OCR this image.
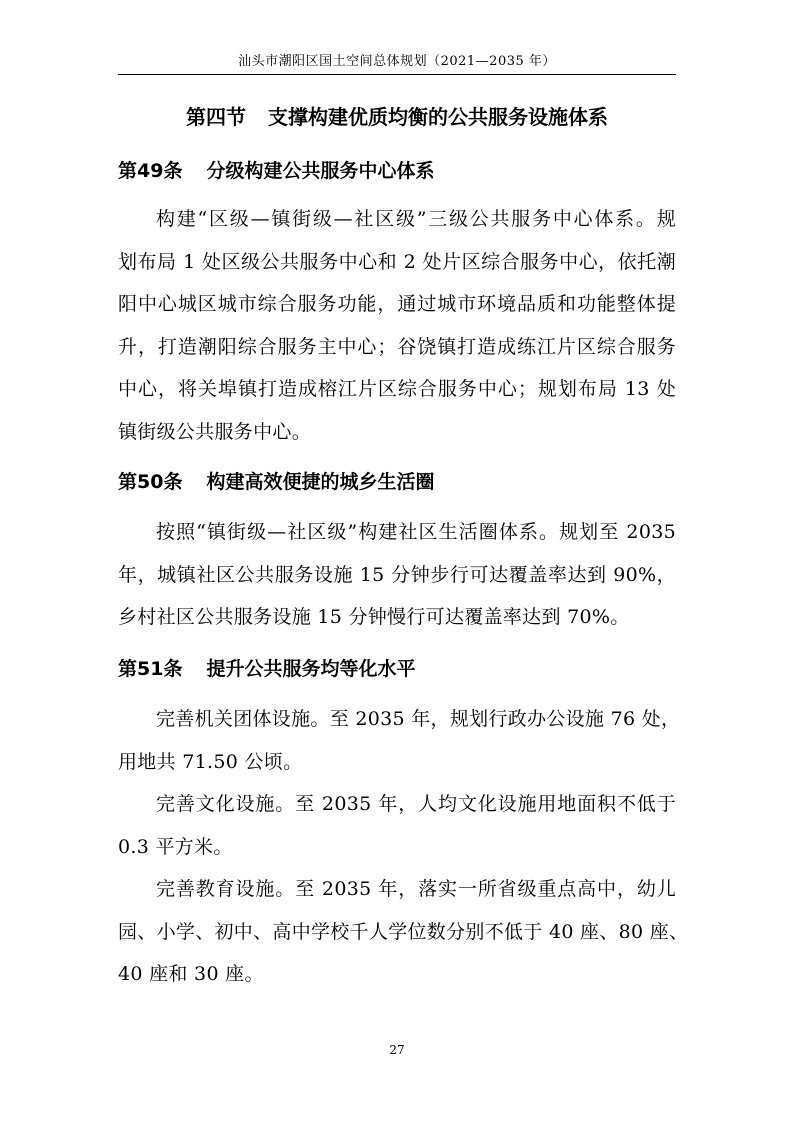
汕头市潮阳区国土空间总体规划（2021—2035 年）
第四节 支撑构建优质均衡的公共服务设施体系
第49条 分级构建公共服务中心体系
构建“区级—镇街级—社区级”三级公共服务中心体系。规
划布局 1 处区级公共服务中心和 2 处片区综合服务中心，依托潮
阳中心城区城市综合服务功能，通过城市环境品质和功能整体提
升，打造潮阳综合服务主中心；谷饶镇打造成练江片区综合服务
中心，将关埠镇打造成榕江片区综合服务中心；规划布局 13 处
镇街级公共服务中心。
第50条 构建高效便捷的城乡生活圈
按照“镇街级—社区级”构建社区生活圈体系。规划至 2035
年，城镇社区公共服务设施 15 分钟步行可达覆盖率达到 90%，
乡村社区公共服务设施 15 分钟慢行可达覆盖率达到 70%。
第51条 提升公共服务均等化水平
完善机关团体设施。至 2035 年，规划行政办公设施 76 处，
用地共 71.50 公顷。
完善文化设施。至 2035 年，人均文化设施用地面积不低于
0.3 平方米。
完善教育设施。至 2035 年，落实一所省级重点高中，幼儿
园、小学、初中、高中学校千人学位数分别不低于 40 座、80 座、
40 座和 30 座。
27
